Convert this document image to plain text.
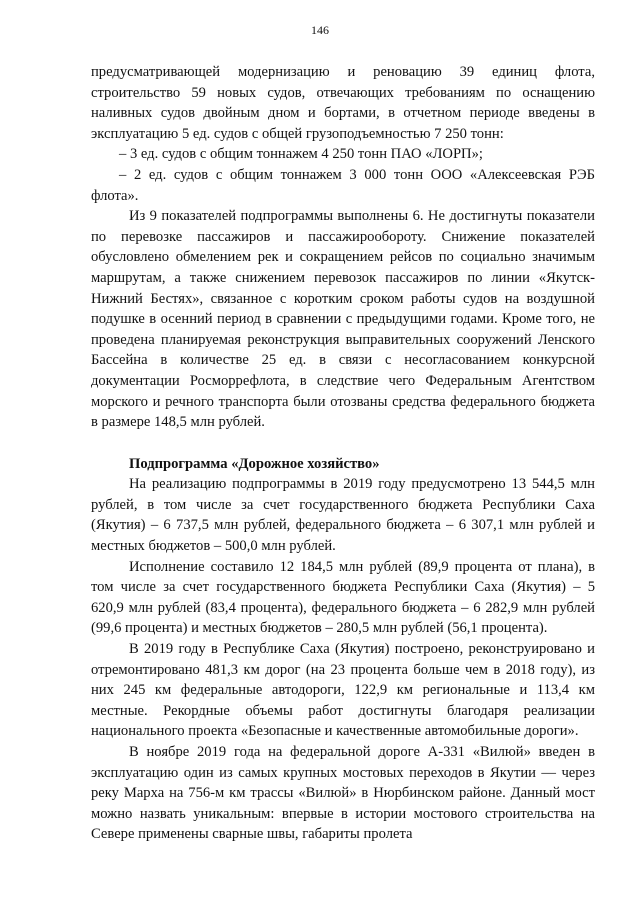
146

предусматривающей модернизацию и реновацию 39 единиц флота, строительство 59 новых судов, отвечающих требованиям по оснащению наливных судов двойным дном и бортами, в отчетном периоде введены в эксплуатацию 5 ед. судов с общей грузоподъемностью 7 250 тонн:

– 3 ед. судов с общим тоннажем 4 250 тонн ПАО «ЛОРП»;

– 2 ед. судов с общим тоннажем 3 000 тонн ООО «Алексеевская РЭБ флота».

Из 9 показателей подпрограммы выполнены 6. Не достигнуты показатели по перевозке пассажиров и пассажирообороту. Снижение показателей обусловлено обмелением рек и сокращением рейсов по социально значимым маршрутам, а также снижением перевозок пассажиров по линии «Якутск-Нижний Бестях», связанное с коротким сроком работы судов на воздушной подушке в осенний период в сравнении с предыдущими годами. Кроме того, не проведена планируемая реконструкция выправительных сооружений Ленского Бассейна в количестве 25 ед. в связи с несогласованием конкурсной документации Росморрефлота, в следствие чего Федеральным Агентством морского и речного транспорта были отозваны средства федерального бюджета в размере 148,5 млн рублей.

Подпрограмма «Дорожное хозяйство»

На реализацию подпрограммы в 2019 году предусмотрено 13 544,5 млн рублей, в том числе за счет государственного бюджета Республики Саха (Якутия) – 6 737,5 млн рублей, федерального бюджета – 6 307,1 млн рублей и местных бюджетов – 500,0 млн рублей.

Исполнение составило 12 184,5 млн рублей (89,9 процента от плана), в том числе за счет государственного бюджета Республики Саха (Якутия) – 5 620,9 млн рублей (83,4 процента), федерального бюджета – 6 282,9 млн рублей (99,6 процента) и местных бюджетов – 280,5 млн рублей (56,1 процента).

В 2019 году в Республике Саха (Якутия) построено, реконструировано и отремонтировано 481,3 км дорог (на 23 процента больше чем в 2018 году), из них 245 км федеральные автодороги, 122,9 км региональные и 113,4 км местные. Рекордные объемы работ достигнуты благодаря реализации национального проекта «Безопасные и качественные автомобильные дороги».

В ноябре 2019 года на федеральной дороге А-331 «Вилюй» введен в эксплуатацию один из самых крупных мостовых переходов в Якутии — через реку Марха на 756-м км трассы «Вилюй» в Нюрбинском районе. Данный мост можно назвать уникальным: впервые в истории мостового строительства на Севере применены сварные швы, габариты пролета
